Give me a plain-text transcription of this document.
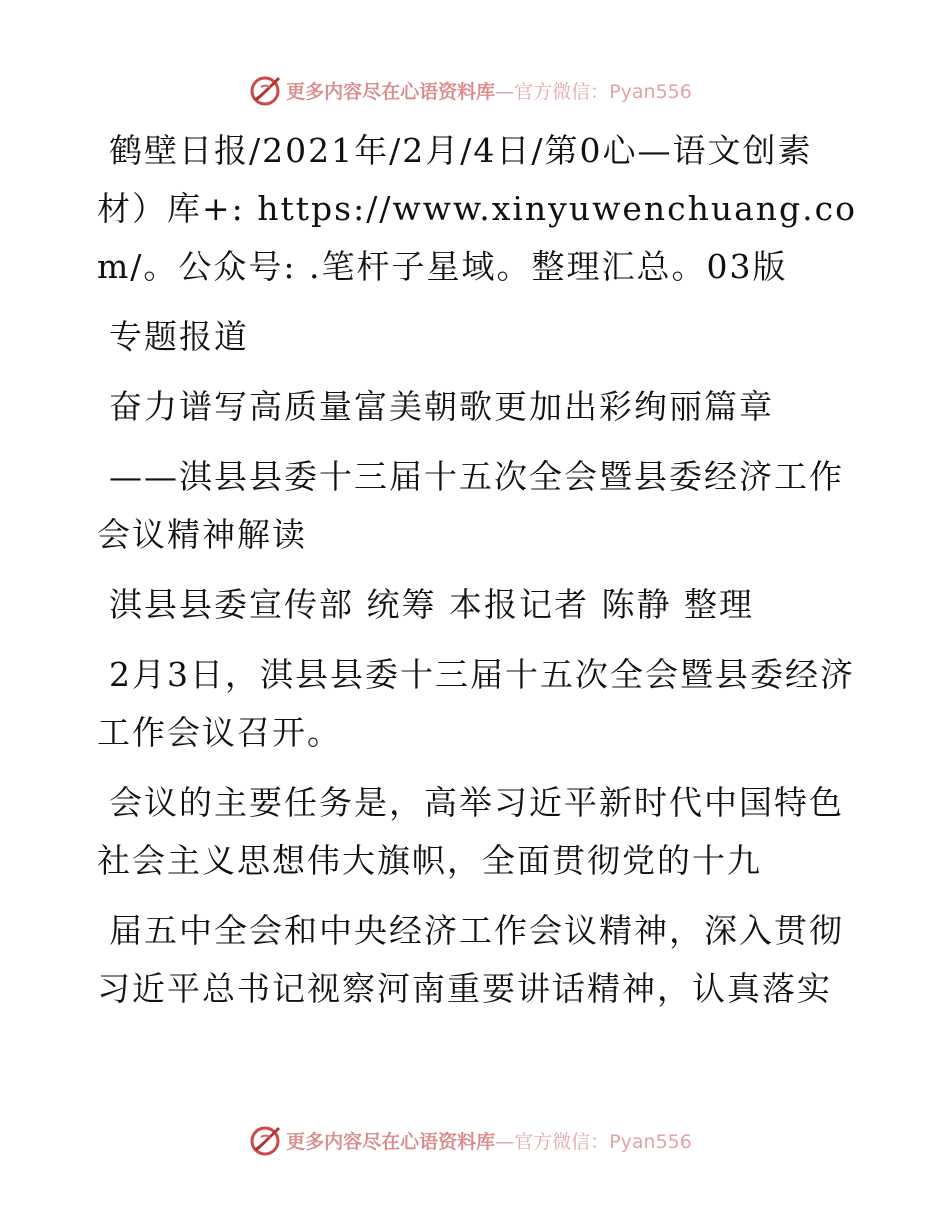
更多内容尽在心语资料库—官方微信：Pyan556

鹤壁日报/2021年/2月/4日/第0心—语文创素材）库+: https://www.xinyuwenchuang.com/。公众号: .笔杆子星域。整理汇总。03版

专题报道

奋力谱写高质量富美朝歌更加出彩绚丽篇章

——淇县县委十三届十五次全会暨县委经济工作会议精神解读

淇县县委宣传部 统筹 本报记者 陈静 整理

2月3日，淇县县委十三届十五次全会暨县委经济工作会议召开。

会议的主要任务是，高举习近平新时代中国特色社会主义思想伟大旗帜，全面贯彻党的十九

届五中全会和中央经济工作会议精神，深入贯彻习近平总书记视察河南重要讲话精神，认真落实

更多内容尽在心语资料库—官方微信：Pyan556
